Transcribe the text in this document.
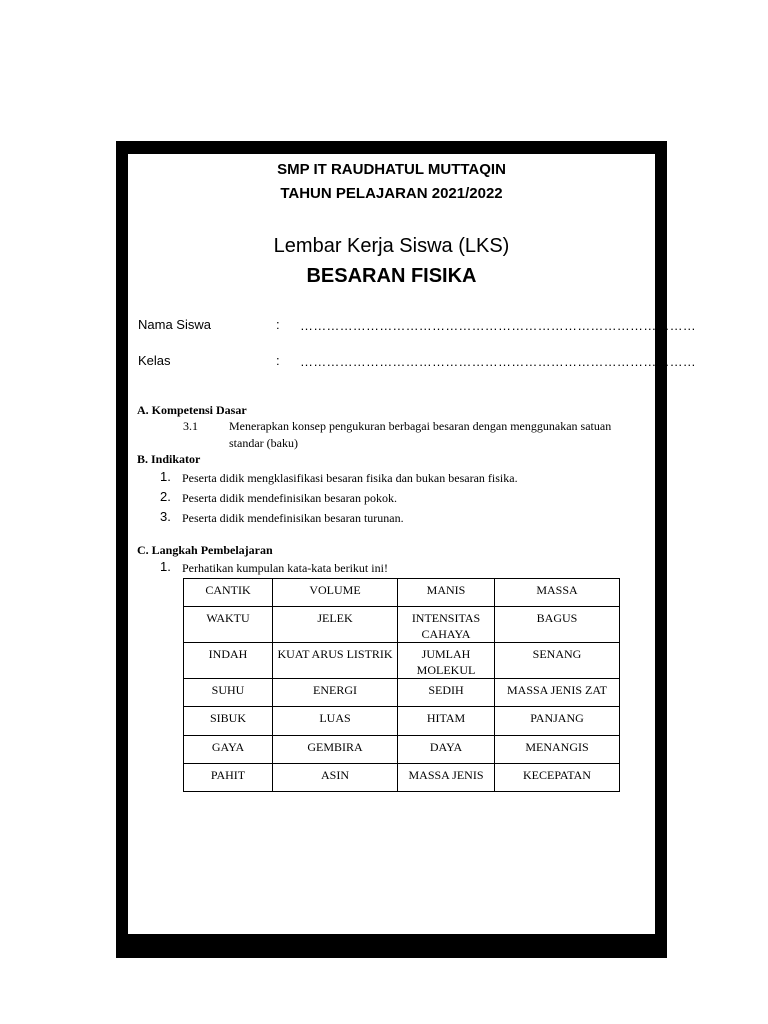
SMP IT RAUDHATUL MUTTAQIN
TAHUN PELAJARAN 2021/2022
Lembar Kerja Siswa (LKS)
BESARAN FISIKA
Nama Siswa	: ………………………………………………………………………………
Kelas	: ………………………………………………………………………………
A. Kompetensi Dasar
3.1	Menerapkan konsep pengukuran berbagai besaran dengan menggunakan satuan
standar (baku)
B. Indikator
1. Peserta didik mengklasifikasi besaran fisika dan bukan besaran fisika.
2. Peserta didik mendefinisikan besaran pokok.
3. Peserta didik mendefinisikan besaran turunan.
C. Langkah Pembelajaran
1. Perhatikan kumpulan kata-kata berikut ini!
CANTIK	VOLUME	MANIS	MASSA
WAKTU	JELEK	INTENSITAS CAHAYA	BAGUS
INDAH	KUAT ARUS LISTRIK	JUMLAH MOLEKUL	SENANG
SUHU	ENERGI	SEDIH	MASSA JENIS ZAT
SIBUK	LUAS	HITAM	PANJANG
GAYA	GEMBIRA	DAYA	MENANGIS
PAHIT	ASIN	MASSA JENIS	KECEPATAN
